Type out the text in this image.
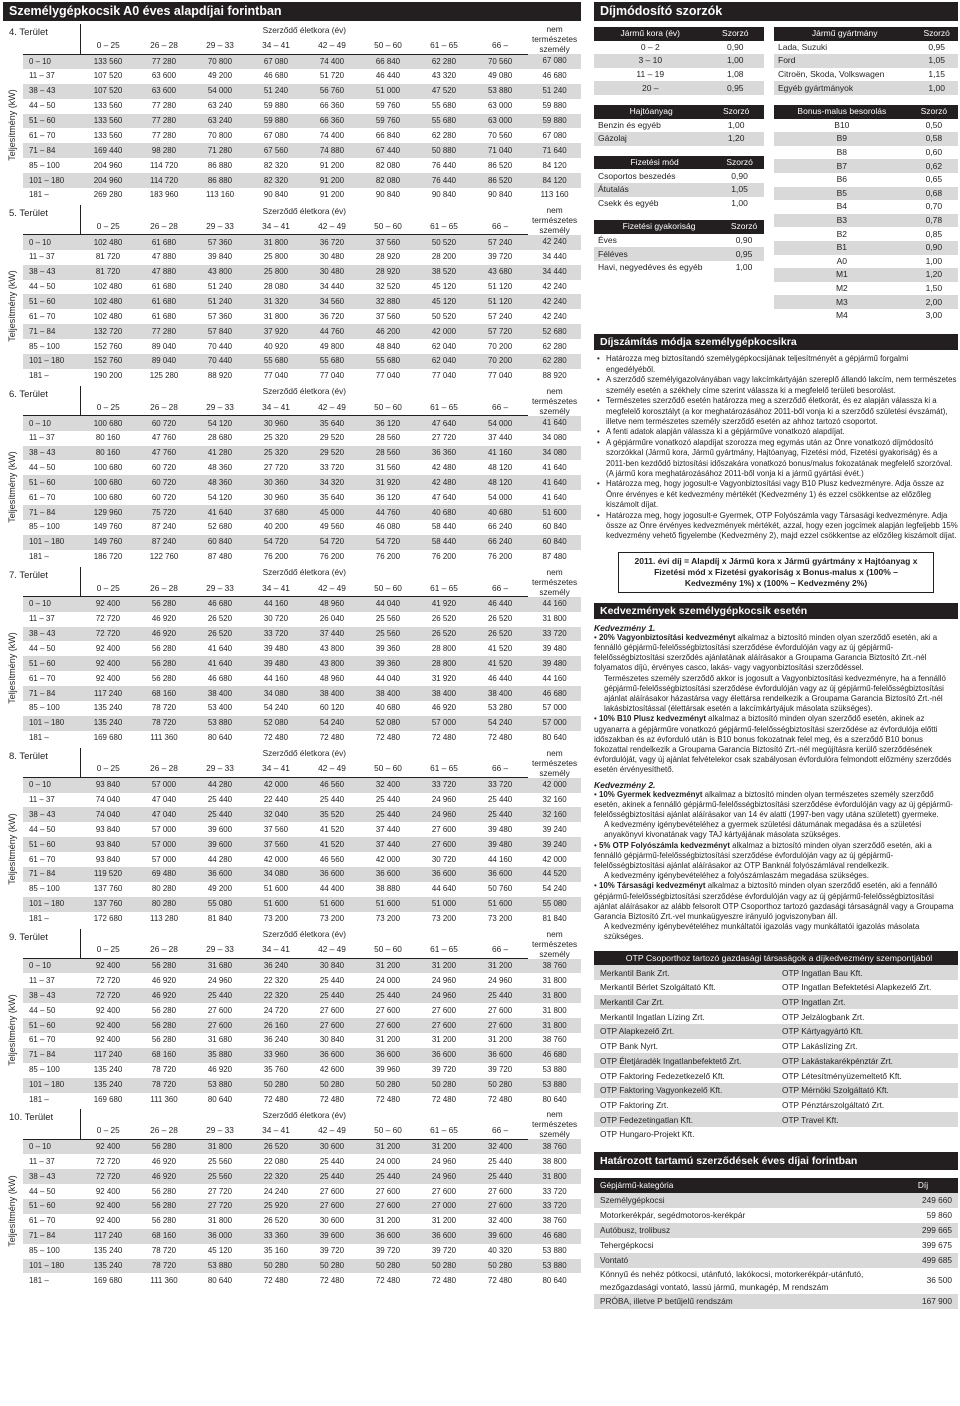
Személygépkocsik A0 éves alapdíjai forintban
4. Terület
Teljesítmény (kW)
	Szerződő életkora (év)								nem
természetes
személy

	0 – 25	26 – 28	29 – 33	34 – 41	42 – 49	50 – 60	61 – 65	66 –	
0 – 10	133 560	77 280	70 800	67 080	74 400	66 840	62 280	70 560	67 080
11 – 37	107 520	63 600	49 200	46 680	51 720	46 440	43 320	49 080	46 680
38 – 43	107 520	63 600	54 000	51 240	56 760	51 000	47 520	53 880	51 240
44 – 50	133 560	77 280	63 240	59 880	66 360	59 760	55 680	63 000	59 880
51 – 60	133 560	77 280	63 240	59 880	66 360	59 760	55 680	63 000	59 880
61 – 70	133 560	77 280	70 800	67 080	74 400	66 840	62 280	70 560	67 080
71 – 84	169 440	98 280	71 280	67 560	74 880	67 440	50 880	71 040	71 640
85 – 100	204 960	114 720	86 880	82 320	91 200	82 080	76 440	86 520	84 120
101 – 180	204 960	114 720	86 880	82 320	91 200	82 080	76 440	86 520	84 120
181 –	269 280	183 960	113 160	90 840	91 200	90 840	90 840	90 840	113 160
5. Terület
Teljesítmény (kW)
	Szerződő életkora (év)								nem
természetes
személy

	0 – 25	26 – 28	29 – 33	34 – 41	42 – 49	50 – 60	61 – 65	66 –	
0 – 10	102 480	61 680	57 360	31 800	36 720	37 560	50 520	57 240	42 240
11 – 37	81 720	47 880	39 840	25 800	30 480	28 920	28 200	39 720	34 440
38 – 43	81 720	47 880	43 800	25 800	30 480	28 920	38 520	43 680	34 440
44 – 50	102 480	61 680	51 240	28 080	34 440	32 520	45 120	51 120	42 240
51 – 60	102 480	61 680	51 240	31 320	34 560	32 880	45 120	51 120	42 240
61 – 70	102 480	61 680	57 360	31 800	36 720	37 560	50 520	57 240	42 240
71 – 84	132 720	77 280	57 840	37 920	44 760	46 200	42 000	57 720	52 680
85 – 100	152 760	89 040	70 440	40 920	49 800	48 840	62 040	70 200	62 280
101 – 180	152 760	89 040	70 440	55 680	55 680	55 680	62 040	70 200	62 280
181 –	190 200	125 280	88 920	77 040	77 040	77 040	77 040	77 040	88 920
6. Terület
Teljesítmény (kW)
	Szerződő életkora (év)								nem
természetes
személy

	0 – 25	26 – 28	29 – 33	34 – 41	42 – 49	50 – 60	61 – 65	66 –	
0 – 10	100 680	60 720	54 120	30 960	35 640	36 120	47 640	54 000	41 640
11 – 37	80 160	47 760	28 680	25 320	29 520	28 560	27 720	37 440	34 080
38 – 43	80 160	47 760	41 280	25 320	29 520	28 560	36 360	41 160	34 080
44 – 50	100 680	60 720	48 360	27 720	33 720	31 560	42 480	48 120	41 640
51 – 60	100 680	60 720	48 360	30 360	34 320	31 920	42 480	48 120	41 640
61 – 70	100 680	60 720	54 120	30 960	35 640	36 120	47 640	54 000	41 640
71 – 84	129 960	75 720	41 640	37 680	45 000	44 760	40 680	40 680	51 600
85 – 100	149 760	87 240	52 680	40 200	49 560	46 080	58 440	66 240	60 840
101 – 180	149 760	87 240	60 840	54 720	54 720	54 720	58 440	66 240	60 840
181 –	186 720	122 760	87 480	76 200	76 200	76 200	76 200	76 200	87 480
7. Terület
Teljesítmény (kW)
	Szerződő életkora (év)								nem
természetes
személy

	0 – 25	26 – 28	29 – 33	34 – 41	42 – 49	50 – 60	61 – 65	66 –	
0 – 10	92 400	56 280	46 680	44 160	48 960	44 040	41 920	46 440	44 160
11 – 37	72 720	46 920	26 520	30 720	26 040	25 560	26 520	26 520	31 800
38 – 43	72 720	46 920	26 520	33 720	37 440	25 560	26 520	26 520	33 720
44 – 50	92 400	56 280	41 640	39 480	43 800	39 360	28 800	41 520	39 480
51 – 60	92 400	56 280	41 640	39 480	43 800	39 360	28 800	41 520	39 480
61 – 70	92 400	56 280	46 680	44 160	48 960	44 040	31 920	46 440	44 160
71 – 84	117 240	68 160	38 400	34 080	38 400	38 400	38 400	38 400	46 680
85 – 100	135 240	78 720	53 400	54 240	60 120	40 680	46 920	53 280	57 000
101 – 180	135 240	78 720	53 880	52 080	54 240	52 080	57 000	54 240	57 000
181 –	169 680	111 360	80 640	72 480	72 480	72 480	72 480	72 480	80 640
8. Terület
Teljesítmény (kW)
	Szerződő életkora (év)								nem
természetes
személy

	0 – 25	26 – 28	29 – 33	34 – 41	42 – 49	50 – 60	61 – 65	66 –	
0 – 10	93 840	57 000	44 280	42 000	46 560	32 400	33 720	33 720	42 000
11 – 37	74 040	47 040	25 440	22 440	25 440	25 440	24 960	25 440	32 160
38 – 43	74 040	47 040	25 440	32 040	35 520	25 440	24 960	25 440	32 160
44 – 50	93 840	57 000	39 600	37 560	41 520	37 440	27 600	39 480	39 240
51 – 60	93 840	57 000	39 600	37 560	41 520	37 440	27 600	39 480	39 240
61 – 70	93 840	57 000	44 280	42 000	46 560	42 000	30 720	44 160	42 000
71 – 84	119 520	69 480	36 600	34 080	36 600	36 600	36 600	36 600	44 520
85 – 100	137 760	80 280	49 200	51 600	44 400	38 880	44 640	50 760	54 240
101 – 180	137 760	80 280	55 080	51 600	51 600	51 600	51 000	51 600	55 080
181 –	172 680	113 280	81 840	73 200	73 200	73 200	73 200	73 200	81 840
9. Terület
Teljesítmény (kW)
	Szerződő életkora (év)								nem
természetes
személy

	0 – 25	26 – 28	29 – 33	34 – 41	42 – 49	50 – 60	61 – 65	66 –	
0 – 10	92 400	56 280	31 680	36 240	30 840	31 200	31 200	31 200	38 760
11 – 37	72 720	46 920	24 960	22 320	25 440	24 000	24 960	24 960	31 800
38 – 43	72 720	46 920	25 440	22 320	25 440	25 440	24 960	25 440	31 800
44 – 50	92 400	56 280	27 600	24 720	27 600	27 600	27 600	27 600	31 800
51 – 60	92 400	56 280	27 600	26 160	27 600	27 600	27 600	27 600	31 800
61 – 70	92 400	56 280	31 680	36 240	30 840	31 200	31 200	31 200	38 760
71 – 84	117 240	68 160	35 880	33 960	36 600	36 600	36 600	36 600	46 680
85 – 100	135 240	78 720	46 920	35 760	42 600	39 960	39 720	39 720	53 880
101 – 180	135 240	78 720	53 880	50 280	50 280	50 280	50 280	50 280	53 880
181 –	169 680	111 360	80 640	72 480	72 480	72 480	72 480	72 480	80 640
10. Terület
Teljesítmény (kW)
	Szerződő életkora (év)								nem
természetes
személy

	0 – 25	26 – 28	29 – 33	34 – 41	42 – 49	50 – 60	61 – 65	66 –	
0 – 10	92 400	56 280	31 800	26 520	30 600	31 200	31 200	32 400	38 760
11 – 37	72 720	46 920	25 560	22 080	25 440	24 000	24 960	25 440	38 800
38 – 43	72 720	46 920	25 560	22 320	25 440	25 440	24 960	25 440	31 800
44 – 50	92 400	56 280	27 720	24 240	27 600	27 600	27 600	27 600	33 720
51 – 60	92 400	56 280	27 720	25 920	27 600	27 600	27 000	27 600	33 720
61 – 70	92 400	56 280	31 800	26 520	30 600	31 200	31 200	32 400	38 760
71 – 84	117 240	68 160	36 000	33 360	39 600	36 600	36 600	39 600	46 680
85 – 100	135 240	78 720	45 120	35 160	39 720	39 720	39 720	40 320	53 880
101 – 180	135 240	78 720	53 880	50 280	50 280	50 280	50 280	50 280	53 880
181 –	169 680	111 360	80 640	72 480	72 480	72 480	72 480	72 480	80 640
Díjmódosító szorzók
Jármű kora (év)	Szorzó
0 – 2	0,90
3 – 10	1,00
11 – 19	1,08
20 –	0,95
Hajtóanyag	Szorzó
Benzin és egyéb	1,00
Gázolaj	1,20
Fizetési mód	Szorzó
Csoportos beszedés	0,90
Átutalás	1,05
Csekk és egyéb	1,00
Fizetési gyakoriság	Szorzó
Éves	0,90
Féléves	0,95
Havi, negyedéves és egyéb	1,00
Jármű gyártmány	Szorzó
Lada, Suzuki	0,95
Ford	1,05
Citroën, Skoda, Volkswagen	1,15
Egyéb gyártmányok	1,00
Bonus-malus besorolás	Szorzó
B10	0,50
B9	0,58
B8	0,60
B7	0,62
B6	0,65
B5	0,68
B4	0,70
B3	0,78
B2	0,85
B1	0,90
A0	1,00
M1	1,20
M2	1,50
M3	2,00
M4	3,00
Díjszámítás módja személygépkocsikra
• Határozza meg biztosítandó személygépkocsijának teljesítményét a gépjármű forgalmi engedélyéből.
• A szerződő személyigazolványában vagy lakcímkártyáján szereplő állandó lakcím, nem természetes személy esetén a székhely címe szerint válassza ki a megfelelő területi besorolást.
• Természetes szerződő esetén határozza meg a szerződő életkorát, és ez alapján válassza ki a megfelelő korosztályt (a kor meghatározásához 2011-ből vonja ki a szerződő születési évszámát), illetve nem természetes személy szerződő esetén az ahhoz tartozó csoportot.
• A fenti adatok alapján válassza ki a gépjárműve vonatkozó alapdíjat.
• A gépjárműre vonatkozó alapdíjat szorozza meg egymás után az Önre vonatkozó díjmódosító szorzókkal (Jármű kora, Jármű gyártmány, Hajtóanyag, Fizetési mód, Fizetési gyakoriság) és a 2011-ben kezdődő biztosítási időszakára vonatkozó bonus/malus fokozatának megfelelő szorzóval. (A jármű kora meghatározásához 2011-ből vonja ki a jármű gyártási évét.)
• Határozza meg, hogy jogosult-e Vagyonbiztosítási vagy B10 Plusz kedvezményre. Adja össze az Önre érvényes e két kedvezmény mértékét (Kedvezmény 1) és ezzel csökkentse az előzőleg kiszámolt díjat.
• Határozza meg, hogy jogosult-e Gyermek, OTP Folyószámla vagy Társasági kedvezményre. Adja össze az Önre érvényes kedvezmények mértékét, azzal, hogy ezen jogcímek alapján legfeljebb 15% kedvezmény vehető figyelembe (Kedvezmény 2), majd ezzel csökkentse az előzőleg kiszámolt díjat.
2011. évi díj = Alapdíj x Jármű kora x Jármű gyártmány x Hajtóanyag x Fizetési mód x Fizetési gyakoriság x Bonus-malus x (100% – Kedvezmény 1%) x (100% – Kedvezmény 2%)
Kedvezmények személygépkocsik esetén
Kedvezmény 1.

• 20% Vagyonbiztosítási kedvezményt alkalmaz a biztosító minden olyan szerződő esetén, aki a fennálló gépjármű-felelősségbiztosítási szerződése évfordulóján vagy az új gépjármű-felelősségbiztosítási szerződés ajánlatának aláírásakor a Groupama Garancia Biztosító Zrt.-nél folyamatos díjú, érvényes casco, lakás- vagy vagyonbiztosítási szerződéssel.

Természetes személy szerződő akkor is jogosult a Vagyonbiztosítási kedvezményre, ha a fennálló gépjármű-felelősségbiztosítási szerződése évfordulóján vagy az új gépjármű-felelősségbiztosítási ajánlat aláírásakor házastársa vagy élettársa rendelkezik a Groupama Garancia Biztosító Zrt.-nél lakásbiztosítással (élettársak esetén a lakcímkártyájuk másolata szükséges).

• 10% B10 Plusz kedvezményt alkalmaz a biztosító minden olyan szerződő esetén, akinek az ugyanarra a gépjárműre vonatkozó gépjármű-felelősségbiztosítási szerződése az évfordulója előtti időszakban és az évforduló után is B10 bonus fokozatnak felel meg, és a szerződő B10 bonus fokozattal rendelkezik a Groupama Garancia Biztosító Zrt.-nél megújításra kerülő szerződésének évfordulóját, vagy új ajánlat felvételekor csak szabályosan évfordulóra felmondott előzmény szerződés esetén érvényesíthető.

Kedvezmény 2.

• 10% Gyermek kedvezményt alkalmaz a biztosító minden olyan természetes személy szerződő esetén, akinek a fennálló gépjármű-felelősségbiztosítási szerződése évfordulóján vagy az új gépjármű-felelősségbiztosítási ajánlat aláírásakor van 14 év alatti (1997-ben vagy utána született) gyermeke.

A kedvezmény igénybevételéhez a gyermek születési dátumának megadása és a születési anyakönyvi kivonatának vagy TAJ kártyájának másolata szükséges.

• 5% OTP Folyószámla kedvezményt alkalmaz a biztosító minden olyan szerződő esetén, aki a fennálló gépjármű-felelősségbiztosítási szerződése évfordulóján vagy az új gépjármű-felelősségbiztosítási ajánlat aláírásakor az OTP Banknál folyószámlával rendelkezik.

A kedvezmény igénybevételéhez a folyószámlaszám megadása szükséges.

• 10% Társasági kedvezményt alkalmaz a biztosító minden olyan szerződő esetén, aki a fennálló gépjármű-felelősségbiztosítási szerződése évfordulóján vagy az új gépjármű-felelősségbiztosítási ajánlat aláírásakor az alább felsorolt OTP Csoporthoz tartozó gazdasági társaságnál vagy a Groupama Garancia Biztosító Zrt.-vel munkaügyeszre irányuló jogviszonyban áll.

A kedvezmény igénybevételéhez munkáltatói igazolás vagy munkáltatói igazolás másolata szükséges.

OTP Csoporthoz tartozó gazdasági társaságok a díjkedvezmény szempontjából	
Merkantil Bank Zrt.	OTP Ingatlan Bau Kft.
Merkantil Bérlet Szolgáltató Kft.	OTP Ingatlan Befektetési Alapkezelő Zrt.
Merkantil Car Zrt.	OTP Ingatlan Zrt.
Merkantil Ingatlan Lízing Zrt.	OTP Jelzálogbank Zrt.
OTP Alapkezelő Zrt.	OTP Kártyagyártó Kft.
OTP Bank Nyrt.	OTP Lakáslízing Zrt.
OTP Életjáradék Ingatlanbefektető Zrt.	OTP Lakástakarékpénztár Zrt.
OTP Faktoring Fedezetkezelő Kft.	OTP Létesítményüzemeltető Kft.
OTP Faktoring Vagyonkezelő Kft.	OTP Mérnöki Szolgáltató Kft.
OTP Faktoring Zrt.	OTP Pénztárszolgáltató Zrt.
OTP Fedezetingatlan Kft.	OTP Travel Kft.
OTP Hungaro-Projekt Kft.	
Határozott tartamú szerződések éves díjai forintban
Gépjármű-kategória	Díj
Személygépkocsi	249 660
Motorkerékpár, segédmotoros-kerékpár	59 860
Autóbusz, trolibusz	299 665
Tehergépkocsi	399 675
Vontató	499 685
Könnyű és nehéz pótkocsi, utánfutó, lakókocsi, motorkerékpár-utánfutó, mezőgazdasági vontató, lassú jármű, munkagép, M rendszám	36 500
PRÓBA, illetve P betűjelű rendszám	167 900
